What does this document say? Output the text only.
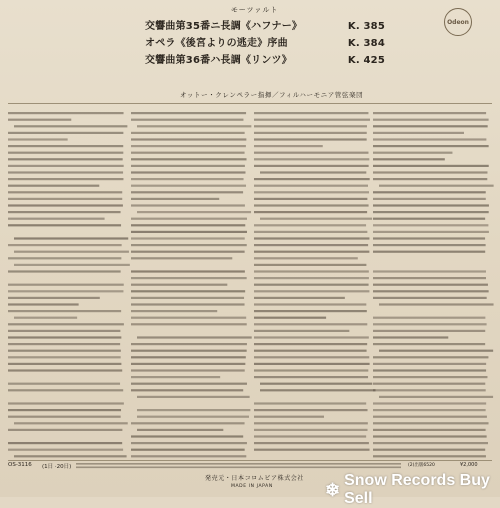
モーツァルト
交響曲第35番ニ長調《ハフナー》	K. 385
オペラ《後宮よりの逃走》序曲	K. 384
交響曲第36番ハ長調《リンツ》	K. 425
Odeon
オットー・クレンペラー指揮／フィルハーモニア管弦楽団
OS-3116 (1日 ·20日)	(2)出版6520	¥2,000
発売元・日本コロムビア株式会社
MADE IN JAPAN	❄ Snow Records Buy Sell
